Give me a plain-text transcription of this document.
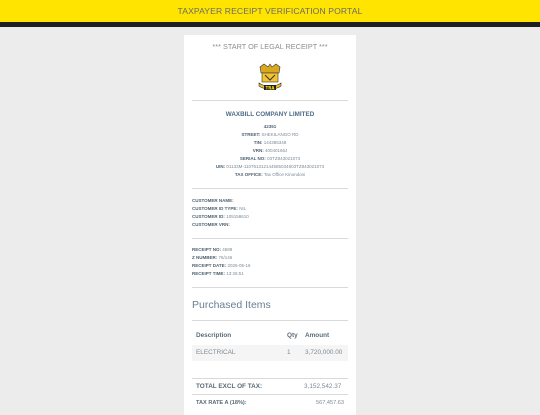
TAXPAYER RECEIPT VERIFICATION PORTAL
*** START OF LEGAL RECEIPT ***
TRA
WAXBILL COMPANY LIMITED
42351
STREET: SHEKILANGO RD
TIN: 144385348
VRN: 40040166J
SERIAL NO: 03TZ843021073
UIN: 01133M-110761312144585034603TZ843021073
TAX OFFICE: Tax Office Kinondoni
CUSTOMER NAME:
CUSTOMER ID TYPE: NIL
CUSTOMER ID: 105158610
CUSTOMER VRN:
RECEIPT NO: 4589
Z NUMBER: 76/146
RECEIPT DATE: 2025-05-16
RECEIPT TIME: 13:26:51
Purchased Items
Description	Qty Amount
ELECTRICAL	1 3,720,000.00
TOTAL EXCL OF TAX:	3,152,542.37
TAX RATE A (18%):	567,457.63
